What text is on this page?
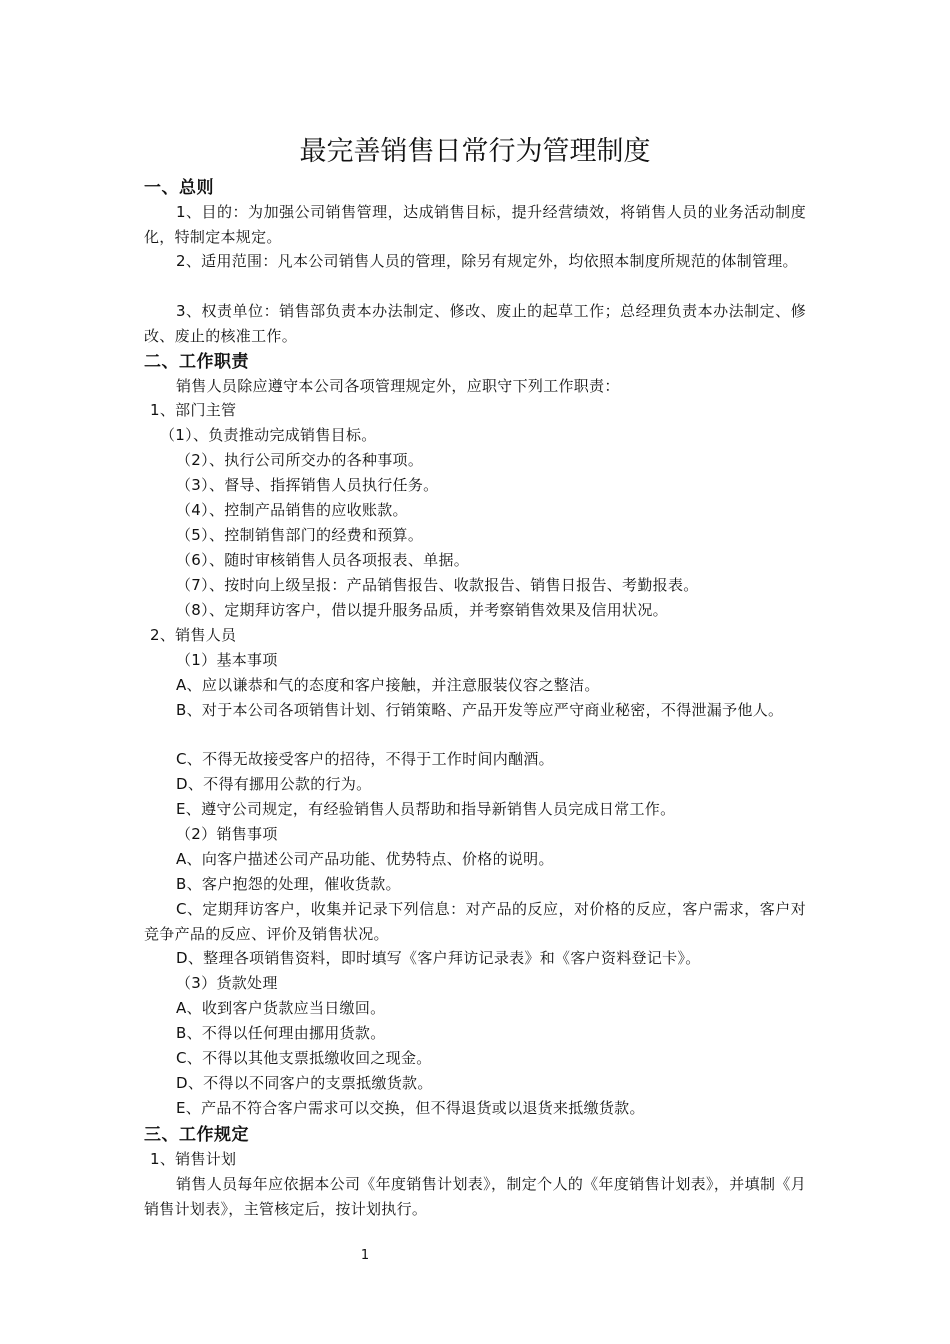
最完善销售日常行为管理制度
一、总则
1、目的：为加强公司销售管理，达成销售目标，提升经营绩效，将销售人员的业务活动制度化，特制定本规定。
2、适用范围：凡本公司销售人员的管理，除另有规定外，均依照本制度所规范的体制管理。
3、权责单位：销售部负责本办法制定、修改、废止的起草工作；总经理负责本办法制定、修改、废止的核准工作。
二、工作职责
销售人员除应遵守本公司各项管理规定外，应职守下列工作职责：
1、部门主管
（1）、负责推动完成销售目标。
（2）、执行公司所交办的各种事项。
（3）、督导、指挥销售人员执行任务。
（4）、控制产品销售的应收账款。
（5）、控制销售部门的经费和预算。
（6）、随时审核销售人员各项报表、单据。
（7）、按时向上级呈报：产品销售报告、收款报告、销售日报告、考勤报表。
（8）、定期拜访客户，借以提升服务品质，并考察销售效果及信用状况。
2、销售人员
（1）基本事项
A、应以谦恭和气的态度和客户接触，并注意服装仪容之整洁。
B、对于本公司各项销售计划、行销策略、产品开发等应严守商业秘密，不得泄漏予他人。
C、不得无故接受客户的招待，不得于工作时间内酗酒。
D、不得有挪用公款的行为。
E、遵守公司规定，有经验销售人员帮助和指导新销售人员完成日常工作。
（2）销售事项
A、向客户描述公司产品功能、优势特点、价格的说明。
B、客户抱怨的处理，催收货款。
C、定期拜访客户，收集并记录下列信息：对产品的反应，对价格的反应，客户需求，客户对竞争产品的反应、评价及销售状况。
D、整理各项销售资料，即时填写《客户拜访记录表》和《客户资料登记卡》。
（3）货款处理
A、收到客户货款应当日缴回。
B、不得以任何理由挪用货款。
C、不得以其他支票抵缴收回之现金。
D、不得以不同客户的支票抵缴货款。
E、产品不符合客户需求可以交换，但不得退货或以退货来抵缴货款。
三、工作规定
1、销售计划
销售人员每年应依据本公司《年度销售计划表》，制定个人的《年度销售计划表》，并填制《月销售计划表》，主管核定后，按计划执行。
1
